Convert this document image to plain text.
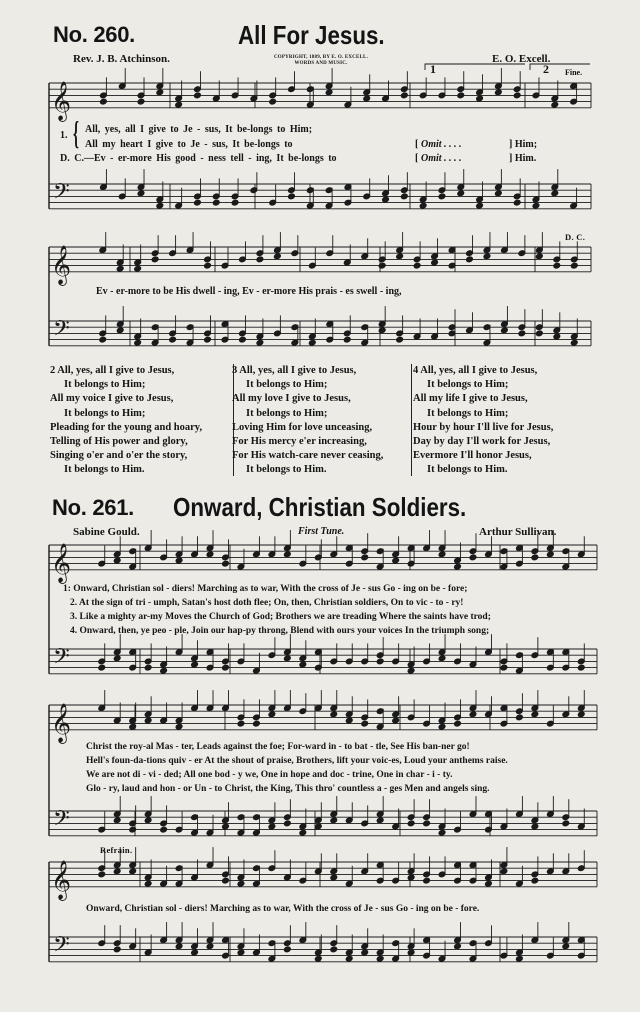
No. 260.	All For Jesus.
Rev. J. B. Atchinson.	COPYRIGHT, 1889, BY E. O. EXCELL.
WORDS AND MUSIC.	E. O. Excell.
1	2 Fine.
D. C.
𝄞
𝄢
𝄞
𝄢
𝄞
𝄢
𝄞
𝄢
𝄞
𝄢
{
1.
All, yes, all I give to Je - sus, It be-longs to Him;
All my heart I give to Je - sus, It be-longs to	[ Omit . . . .	] Him;
D. C.—Ev - er-more His good - ness tell - ing, It be-longs to	[ Omit . . . .	] Him.
Ev - er-more to be His dwell - ing, Ev - er-more His prais - es swell - ing,
2 All, yes, all I give to Jesus,
It belongs to Him;
All my voice I give to Jesus,
It belongs to Him;
Pleading for the young and hoary,
Telling of His power and glory,
Singing o'er and o'er the story,
It belongs to Him.
3 All, yes, all I give to Jesus,
It belongs to Him;
All my love I give to Jesus,
It belongs to Him;
Loving Him for love unceasing,
For His mercy e'er increasing,
For His watch-care never ceasing,
It belongs to Him.
4 All, yes, all I give to Jesus,
It belongs to Him;
All my life I give to Jesus,
It belongs to Him;
Hour by hour I'll live for Jesus,
Day by day I'll work for Jesus,
Evermore I'll honor Jesus,
It belongs to Him.
No. 261. Onward, Christian Soldiers.
Sabine Gould.	First Tune.	Arthur Sullivan.
1: Onward, Christian sol - diers! Marching as to war, With the cross of Je - sus Go - ing on be - fore;
2. At the sign of tri - umph, Satan's host doth flee; On, then, Christian soldiers, On to vic - to - ry!
3. Like a mighty ar-my Moves the Church of God; Brothers we are treading Where the saints have trod;
4. Onward, then, ye peo - ple, Join our hap-py throng, Blend with ours your voices In the triumph song;
Christ the roy-al Mas - ter, Leads against the foe; For-ward in - to bat - tle, See His ban-ner go!
Hell's foun-da-tions quiv - er At the shout of praise, Brothers, lift your voic-es, Loud your anthems raise.
We are not di - vi - ded; All one bod - y we, One in hope and doc - trine, One in char - i - ty.
Glo - ry, laud and hon - or Un - to Christ, the King, This thro' countless a - ges Men and angels sing.
Refrain.
Onward, Christian sol - diers! Marching as to war, With the cross of Je - sus Go - ing on be - fore.
